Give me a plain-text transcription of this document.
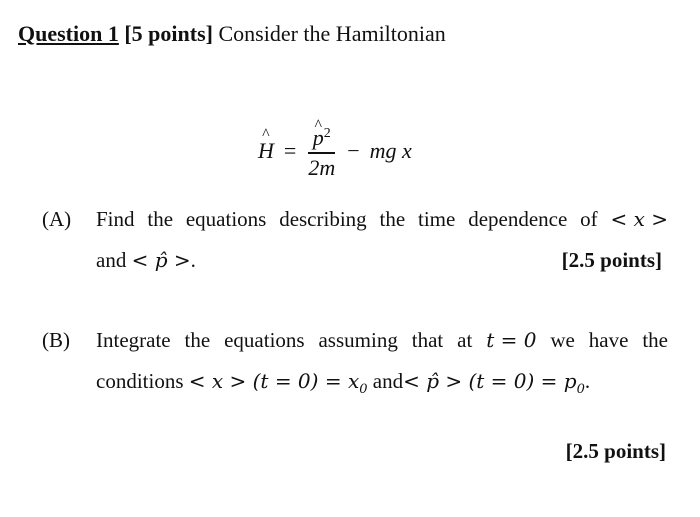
Question 1 [5 points] Consider the Hamiltonian
^ H =
^ $\frac{p^2}{2m}$ − mg x
(A) Find the equations describing the time dependence of < x >
and < p̂ >.	[2.5 points]
(B) Integrate the equations assuming that at t = 0 we have the
conditions < $x > (t = 0) = x_0$ and< p̂ > $(t = 0) = p_0$.
[2.5 points]
